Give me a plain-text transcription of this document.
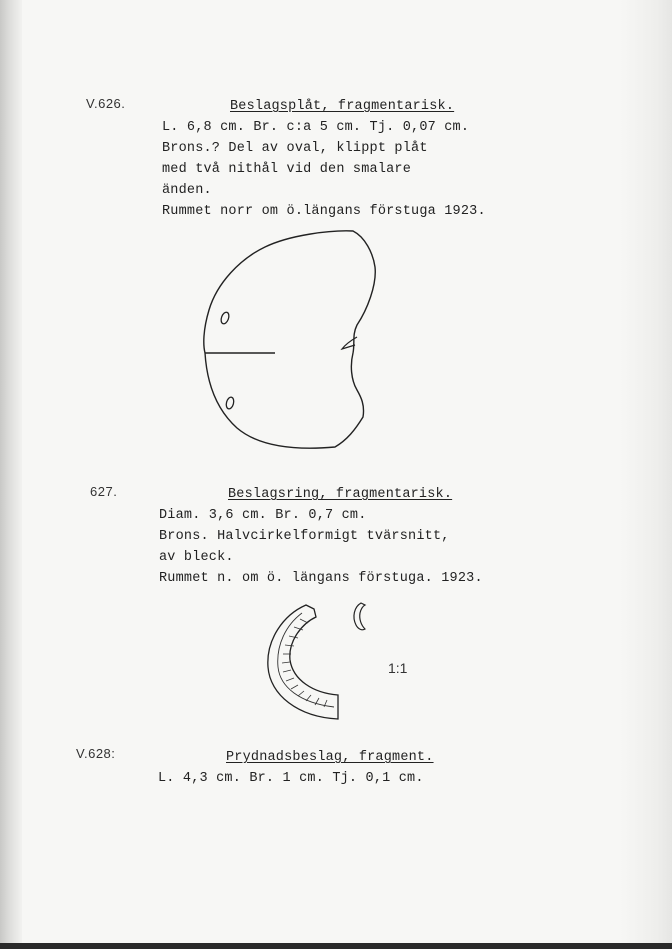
V.626.	Beslagsplåt, fragmentarisk.
L. 6,8 cm. Br. c:a 5 cm. Tj. 0,07 cm.
Brons.? Del av oval, klippt plåt
med två nithål vid den smalare
änden.
Rummet norr om ö.längans förstuga 1923.
627.	Beslagsring, fragmentarisk.
Diam. 3,6 cm. Br. 0,7 cm.
Brons. Halvcirkelformigt tvärsnitt,
av bleck.
Rummet n. om ö. längans förstuga. 1923.
1:1
V.628:	Prydnadsbeslag, fragment.
L. 4,3 cm. Br. 1 cm. Tj. 0,1 cm.
